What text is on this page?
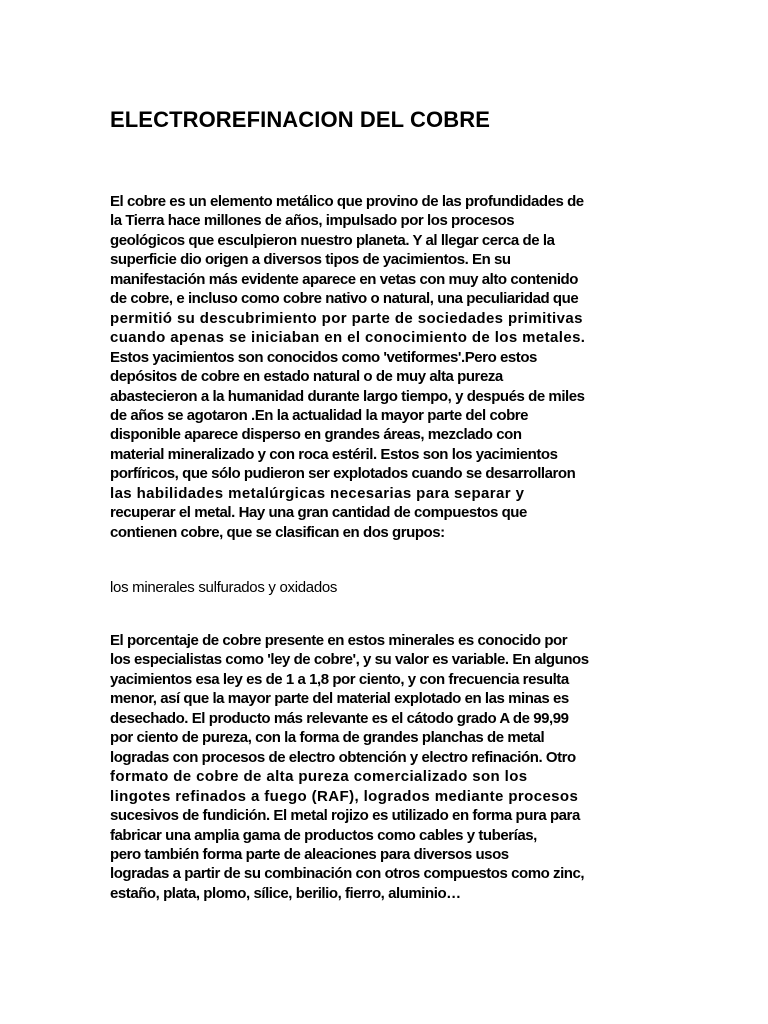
ELECTROREFINACION DEL COBRE

El cobre es un elemento metálico que provino de las profundidades de
la Tierra hace millones de años, impulsado por los procesos
geológicos que esculpieron nuestro planeta. Y al llegar cerca de la
superficie dio origen a diversos tipos de yacimientos. En su
manifestación más evidente aparece en vetas con muy alto contenido
de cobre, e incluso como cobre nativo o natural, una peculiaridad que
permitió su descubrimiento por parte de sociedades primitivas
cuando apenas se iniciaban en el conocimiento de los metales.
Estos yacimientos son conocidos como 'vetiformes'.Pero estos
depósitos de cobre en estado natural o de muy alta pureza
abastecieron a la humanidad durante largo tiempo, y después de miles
de años se agotaron .En la actualidad la mayor parte del cobre
disponible aparece disperso en grandes áreas, mezclado con
material mineralizado y con roca estéril. Estos son los yacimientos
porfíricos, que sólo pudieron ser explotados cuando se desarrollaron
las habilidades metalúrgicas necesarias para separar y
recuperar el metal. Hay una gran cantidad de compuestos que
contienen cobre, que se clasifican en dos grupos:

los minerales sulfurados y oxidados

El porcentaje de cobre presente en estos minerales es conocido por
los especialistas como 'ley de cobre', y su valor es variable. En algunos
yacimientos esa ley es de 1 a 1,8 por ciento, y con frecuencia resulta
menor, así que la mayor parte del material explotado en las minas es
desechado. El producto más relevante es el cátodo grado A de 99,99
por ciento de pureza, con la forma de grandes planchas de metal
logradas con procesos de electro obtención y electro refinación. Otro
formato de cobre de alta pureza comercializado son los
lingotes refinados a fuego (RAF), logrados mediante procesos
sucesivos de fundición. El metal rojizo es utilizado en forma pura para
fabricar una amplia gama de productos como cables y tuberías,
pero también forma parte de aleaciones para diversos usos
logradas a partir de su combinación con otros compuestos como zinc,
estaño, plata, plomo, sílice, berilio, fierro, aluminio…
